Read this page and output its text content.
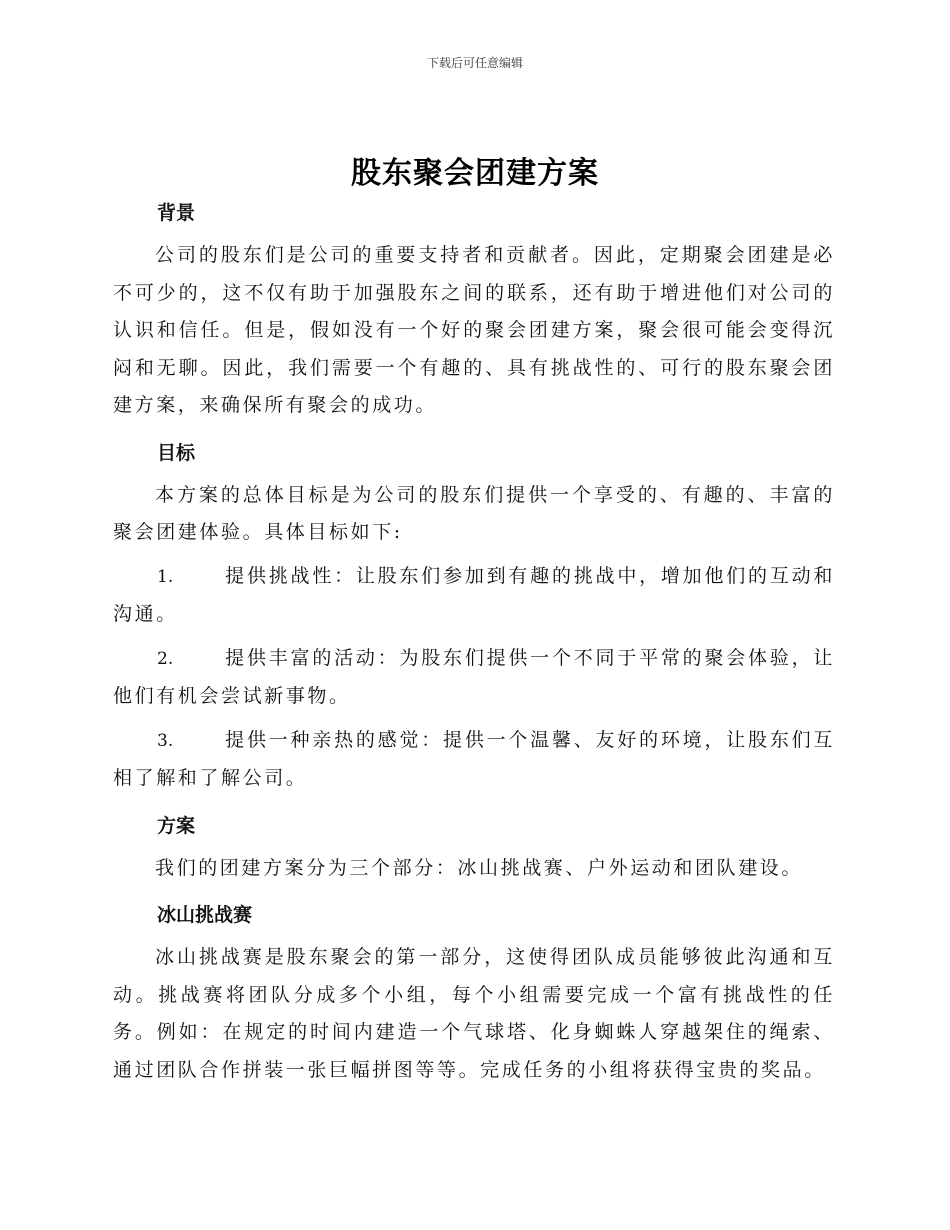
下载后可任意编辑
股东聚会团建方案
背景

公司的股东们是公司的重要支持者和贡献者。因此，定期聚会团建是必不可少的，这不仅有助于加强股东之间的联系，还有助于增进他们对公司的认识和信任。但是，假如没有一个好的聚会团建方案，聚会很可能会变得沉闷和无聊。因此，我们需要一个有趣的、具有挑战性的、可行的股东聚会团建方案，来确保所有聚会的成功。

目标

本方案的总体目标是为公司的股东们提供一个享受的、有趣的、丰富的聚会团建体验。具体目标如下:

1.	提供挑战性：让股东们参加到有趣的挑战中，增加他们的互动和沟通。
2.	提供丰富的活动：为股东们提供一个不同于平常的聚会体验，让他们有机会尝试新事物。
3.	提供一种亲热的感觉：提供一个温馨、友好的环境，让股东们互相了解和了解公司。
方案

我们的团建方案分为三个部分：冰山挑战赛、户外运动和团队建设。

冰山挑战赛

冰山挑战赛是股东聚会的第一部分，这使得团队成员能够彼此沟通和互动。挑战赛将团队分成多个小组，每个小组需要完成一个富有挑战性的任务。例如：在规定的时间内建造一个气球塔、化身蜘蛛人穿越架住的绳索、通过团队合作拼装一张巨幅拼图等等。完成任务的小组将获得宝贵的奖品。
